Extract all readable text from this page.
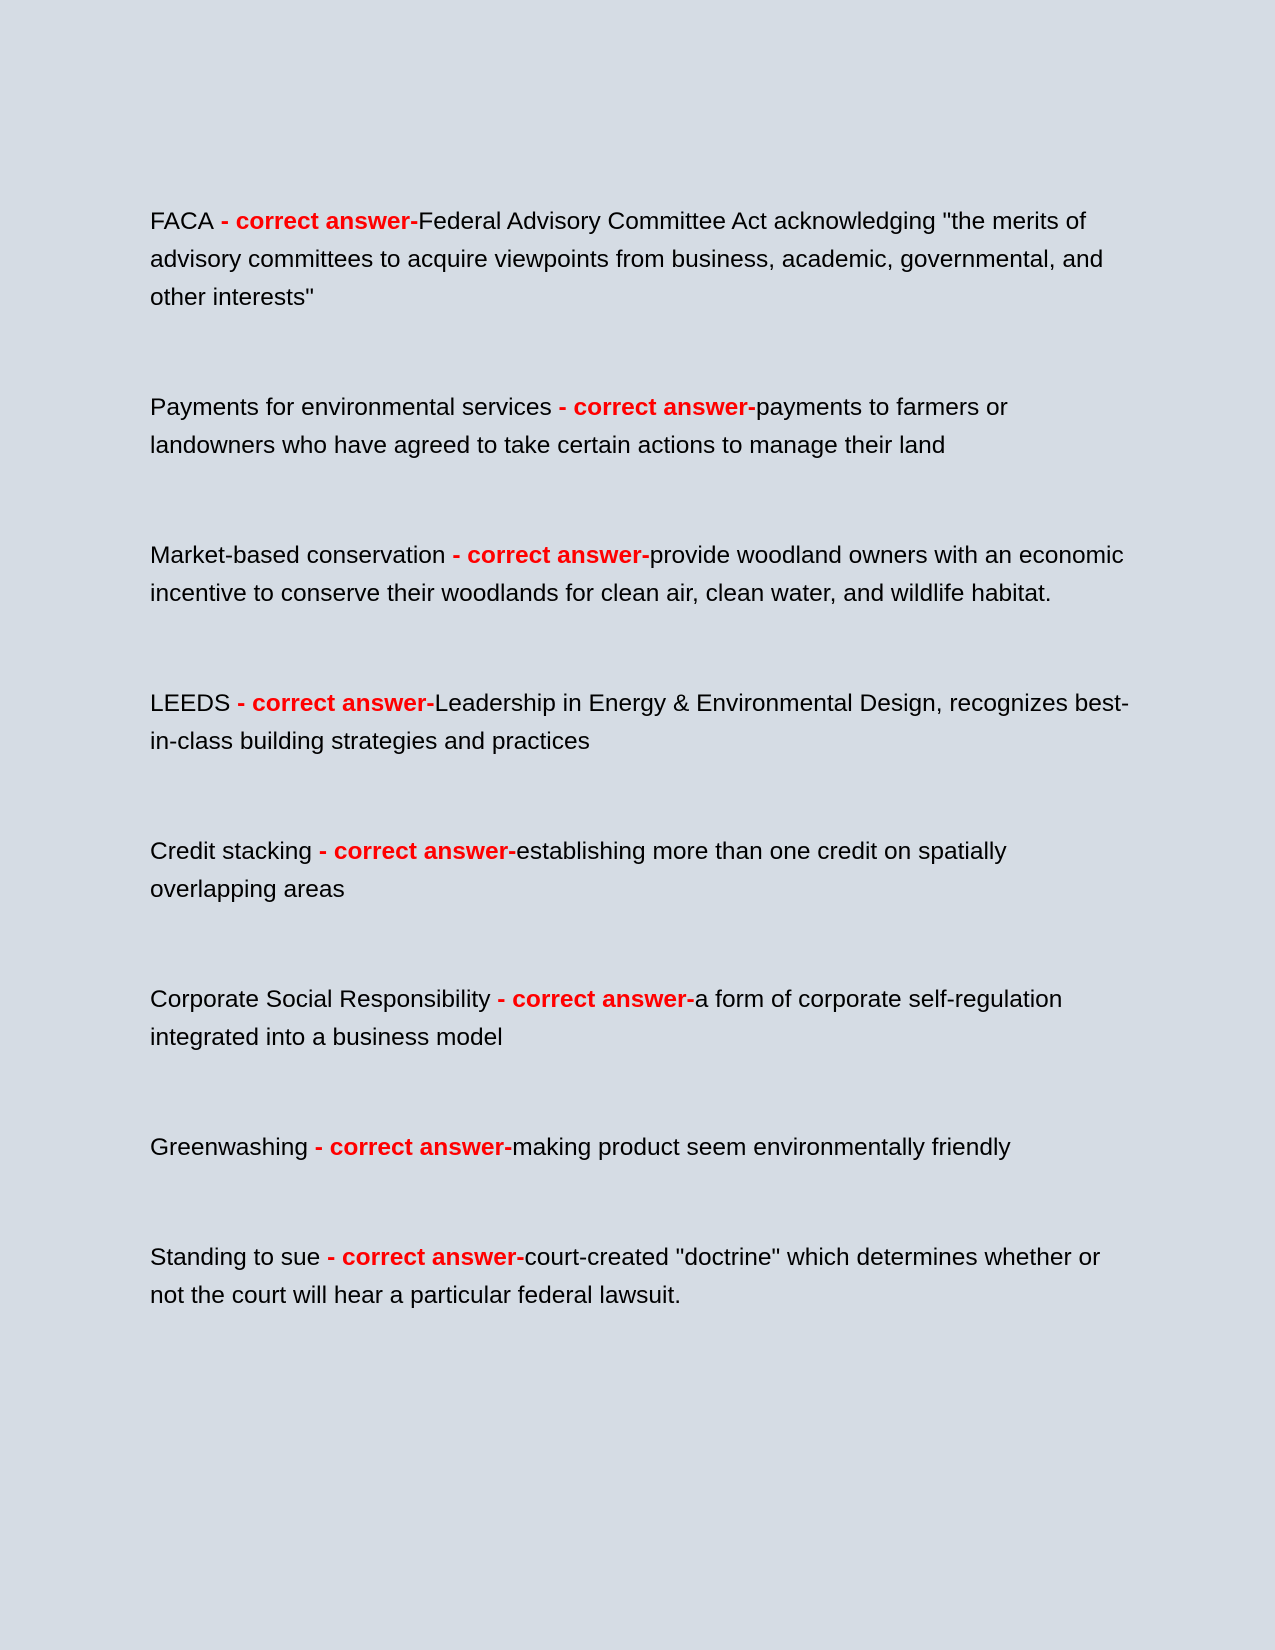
FACA - correct answer-Federal Advisory Committee Act acknowledging "the merits of advisory committees to acquire viewpoints from business, academic, governmental, and other interests"

Payments for environmental services - correct answer-payments to farmers or landowners who have agreed to take certain actions to manage their land

Market-based conservation - correct answer-provide woodland owners with an economic incentive to conserve their woodlands for clean air, clean water, and wildlife habitat.

LEEDS - correct answer-Leadership in Energy & Environmental Design, recognizes best-in-class building strategies and practices

Credit stacking - correct answer-establishing more than one credit on spatially overlapping areas

Corporate Social Responsibility - correct answer-a form of corporate self-regulation integrated into a business model

Greenwashing - correct answer-making product seem environmentally friendly

Standing to sue - correct answer-court-created "doctrine" which determines whether or not the court will hear a particular federal lawsuit.
